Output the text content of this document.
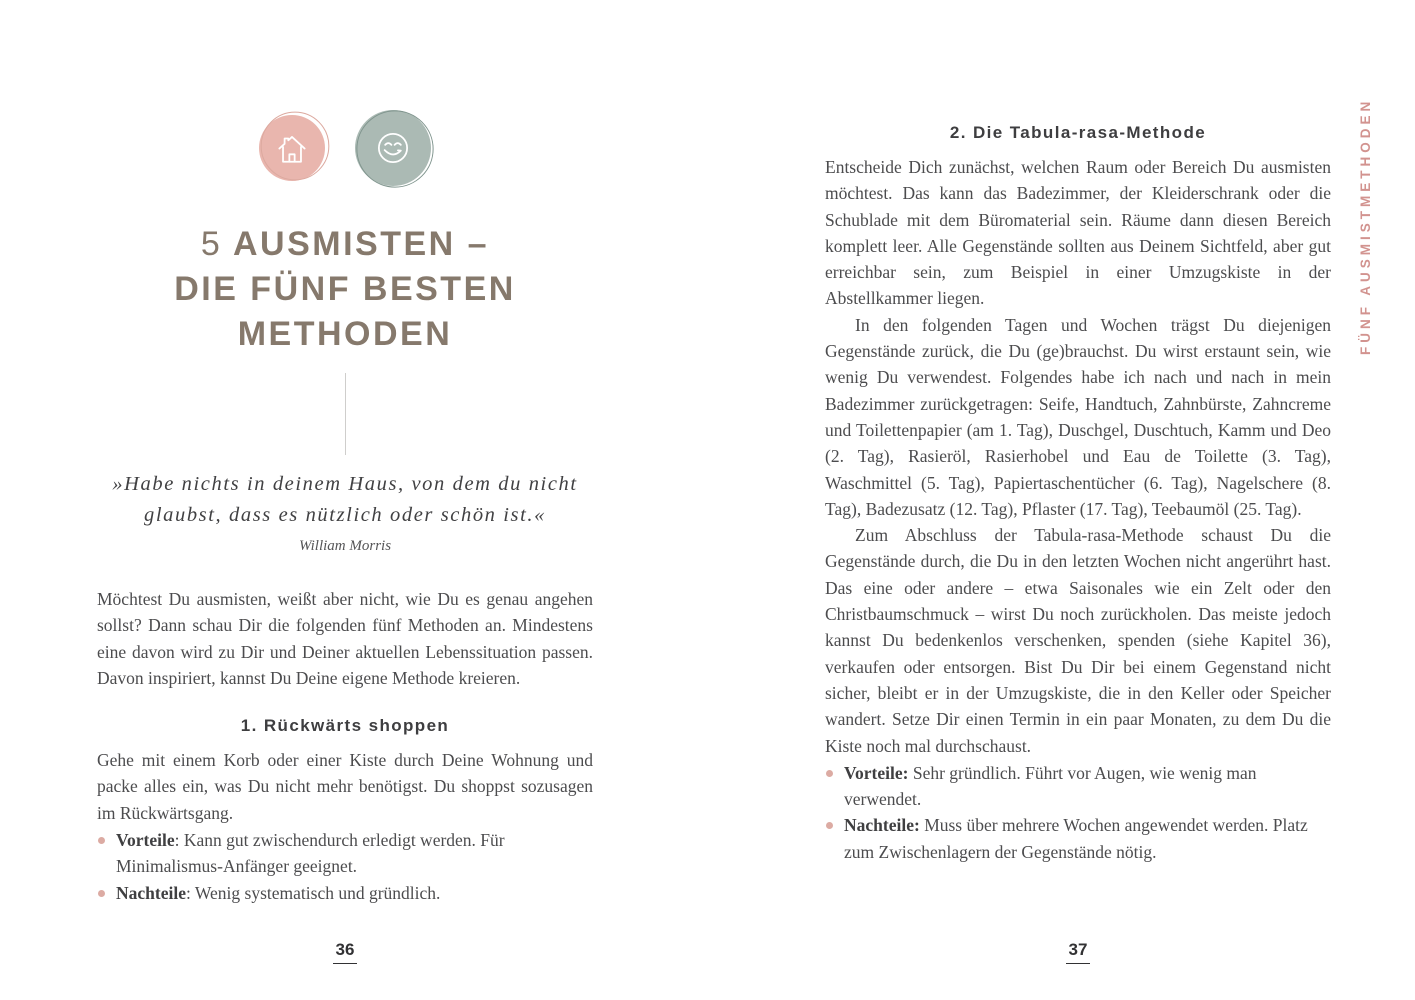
5 AUSMISTEN –
DIE FÜNF BESTEN
METHODEN
»Habe nichts in deinem Haus, von dem du nicht glaubst, dass es nützlich oder schön ist.«
William Morris

Möchtest Du ausmisten, weißt aber nicht, wie Du es genau angehen sollst? Dann schau Dir die folgenden fünf Methoden an. Mindestens eine davon wird zu Dir und Deiner aktuellen Lebenssituation passen. Davon inspiriert, kannst Du Deine eigene Methode kreieren.

1. Rückwärts shoppen

Gehe mit einem Korb oder einer Kiste durch Deine Wohnung und packe alles ein, was Du nicht mehr benötigst. Du shoppst sozusagen im Rückwärtsgang.

Vorteile: Kann gut zwischendurch erledigt werden. Für Minimalismus-Anfänger geeignet.
Nachteile: Wenig systematisch und gründlich.
36
2. Die Tabula-rasa-Methode

Entscheide Dich zunächst, welchen Raum oder Bereich Du ausmisten möchtest. Das kann das Badezimmer, der Kleiderschrank oder die Schublade mit dem Büromaterial sein. Räume dann diesen Bereich komplett leer. Alle Gegenstände sollten aus Deinem Sichtfeld, aber gut erreichbar sein, zum Beispiel in einer Umzugskiste in der Abstellkammer liegen.

In den folgenden Tagen und Wochen trägst Du diejenigen Gegenstände zurück, die Du (ge)brauchst. Du wirst erstaunt sein, wie wenig Du verwendest. Folgendes habe ich nach und nach in mein Badezimmer zurückgetragen: Seife, Handtuch, Zahnbürste, Zahncreme und Toilettenpapier (am 1. Tag), Duschgel, Duschtuch, Kamm und Deo (2. Tag), Rasieröl, Rasierhobel und Eau de Toilette (3. Tag), Waschmittel (5. Tag), Papiertaschentücher (6. Tag), Nagelschere (8. Tag), Badezusatz (12. Tag), Pflaster (17. Tag), Teebaumöl (25. Tag).

Zum Abschluss der Tabula-rasa-Methode schaust Du die Gegenstände durch, die Du in den letzten Wochen nicht angerührt hast. Das eine oder andere – etwa Saisonales wie ein Zelt oder den Christbaumschmuck – wirst Du noch zurückholen. Das meiste jedoch kannst Du bedenkenlos verschenken, spenden (siehe Kapitel 36), verkaufen oder entsorgen. Bist Du Dir bei einem Gegenstand nicht sicher, bleibt er in der Umzugskiste, die in den Keller oder Speicher wandert. Setze Dir einen Termin in ein paar Monaten, zu dem Du die Kiste noch mal durchschaust.

Vorteile: Sehr gründlich. Führt vor Augen, wie wenig man verwendet.
Nachteile: Muss über mehrere Wochen angewendet werden. Platz zum Zwischenlagern der Gegenstände nötig.
37
FÜNF AUSMISTMETHODEN
